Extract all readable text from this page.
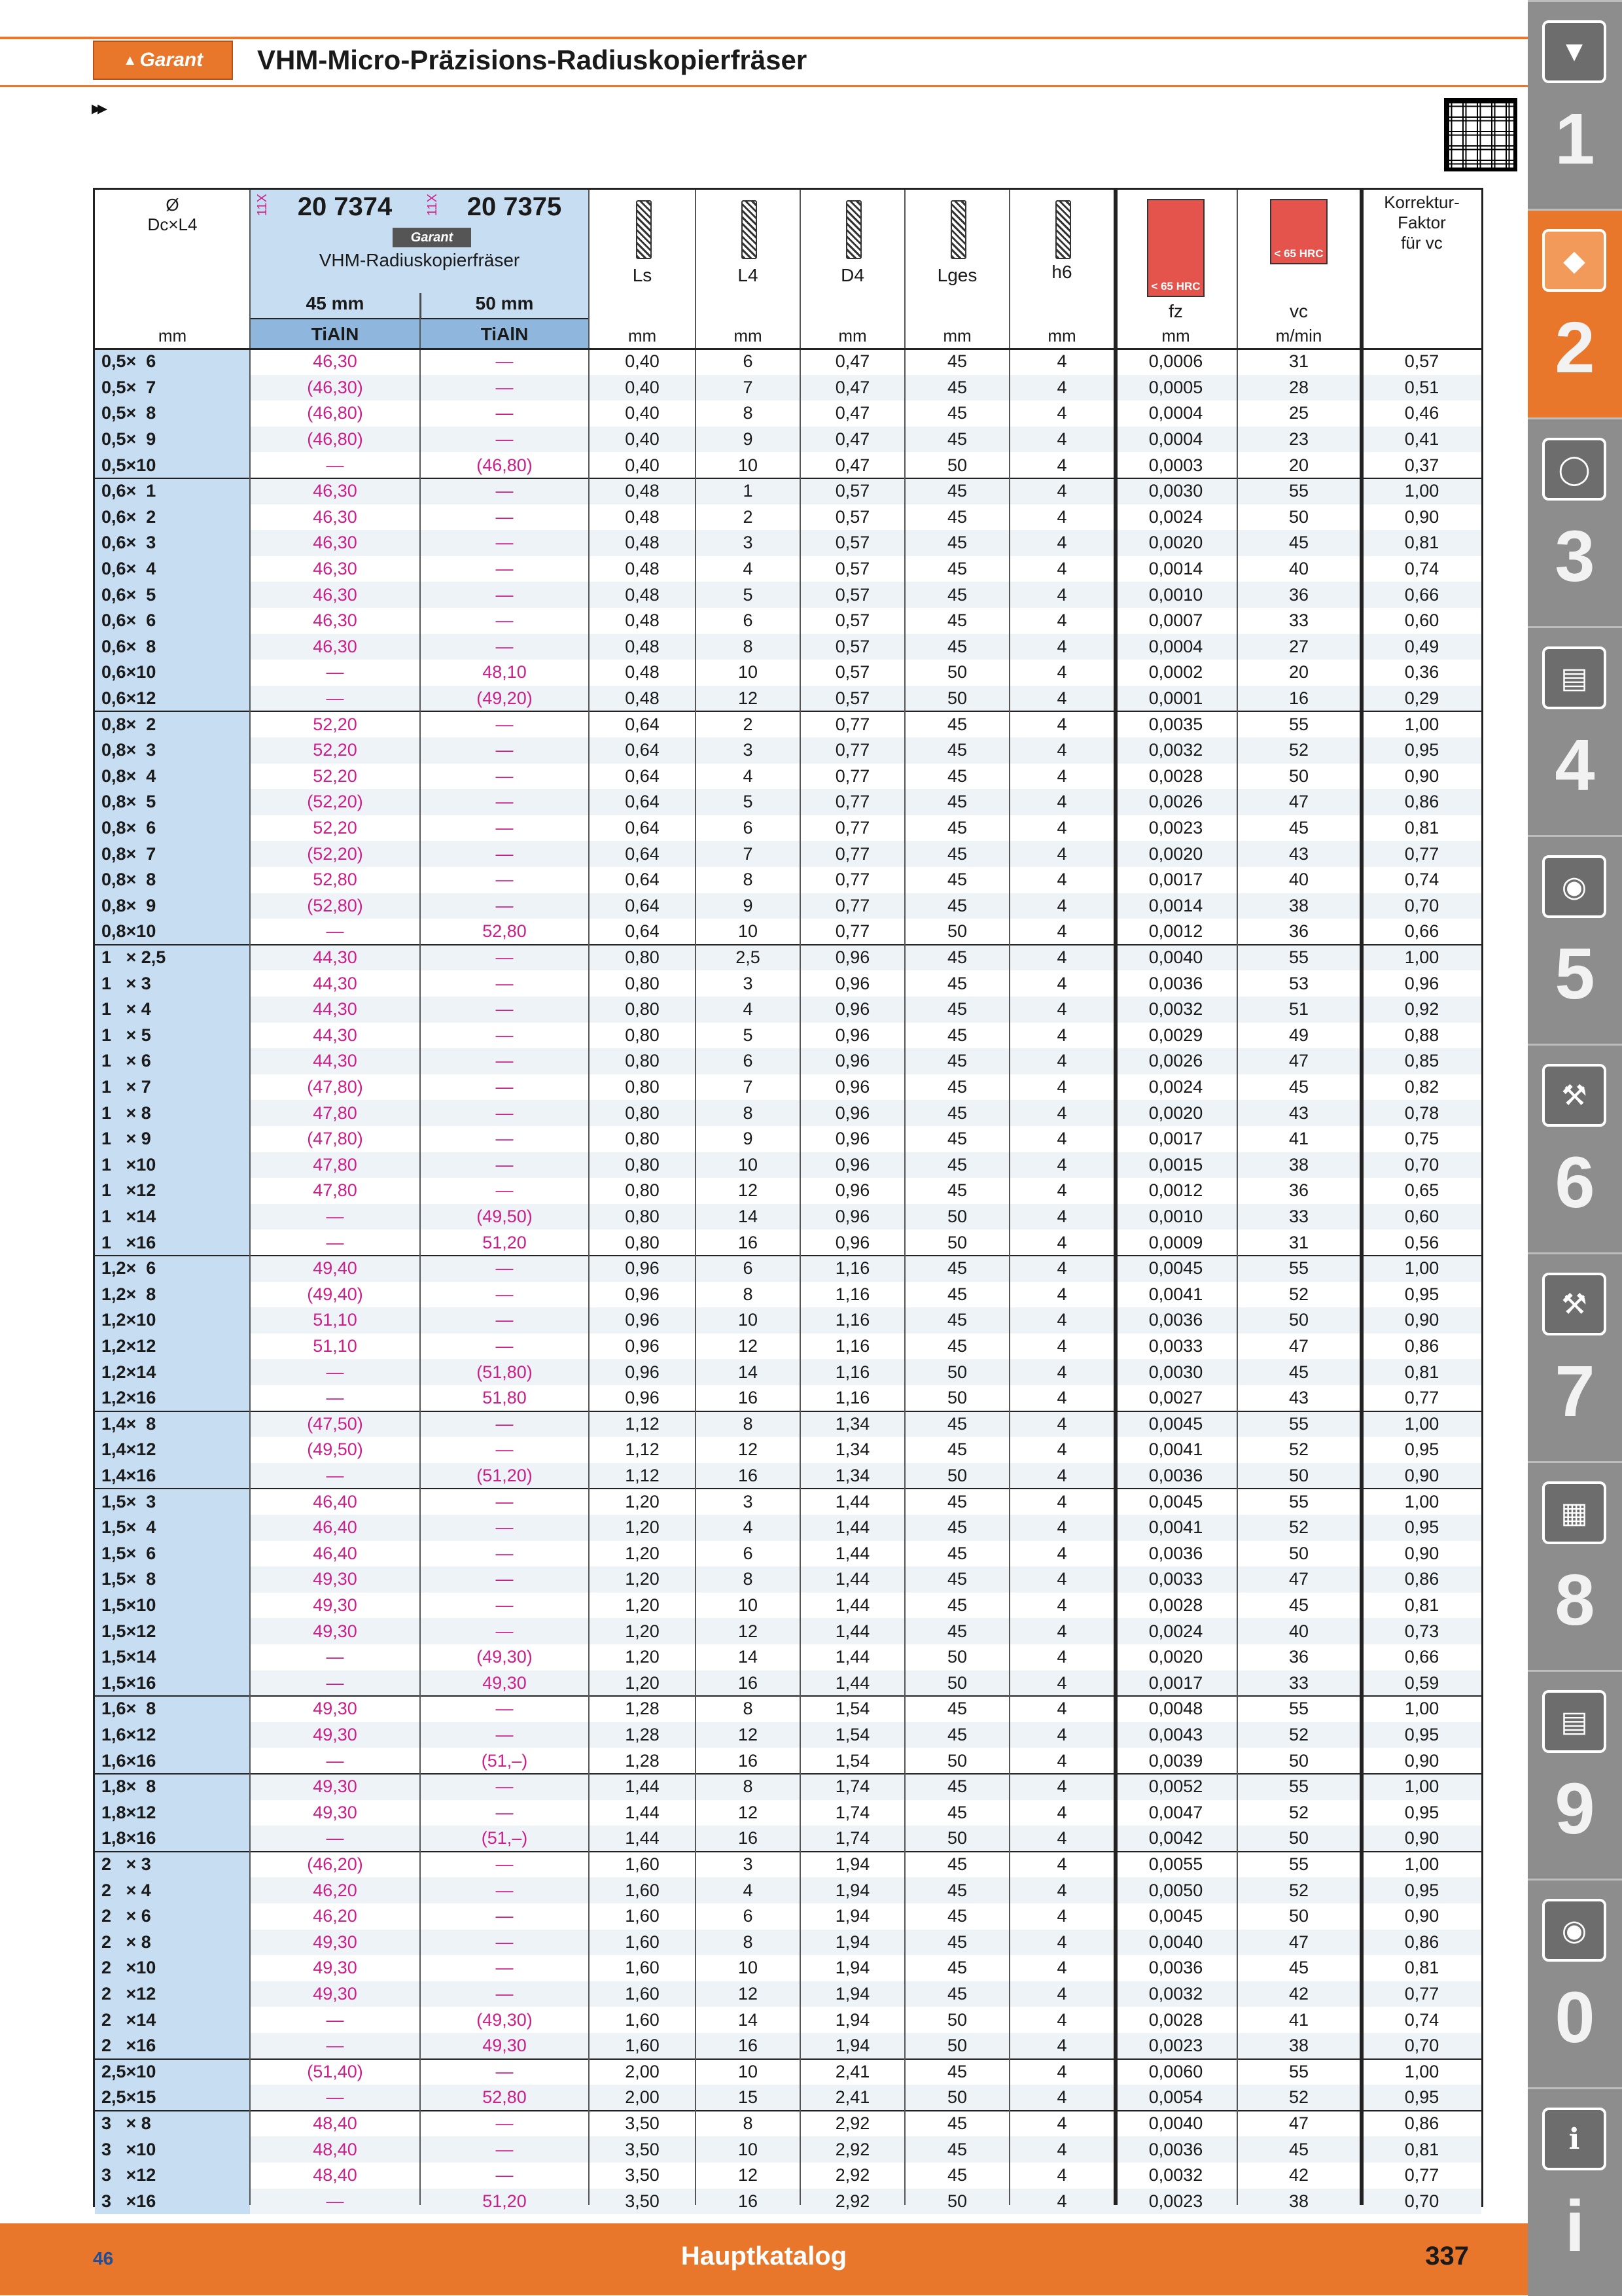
▲ Garant VHM-Micro-Präzisions-Radiuskopierfräser
▸▸
Ø
Dc×L4
mm
11X	20 7374	11X	20 7375
Garant
VHM-Radiuskopierfräser
45 mm	50 mm
TiAlN	TiAlN
Ls
mm
L4
mm
D4
mm
Lges
mm
h6
mm
< 65 HRC
fz
mm
< 65 HRC
vc
m/min
Korrektur-
Faktor
für vc
0,5×  6	46,30	—	0,40	6	0,47	45	4	0,0006	31	0,57
0,5×  7	(46,30)	—	0,40	7	0,47	45	4	0,0005	28	0,51
0,5×  8	(46,80)	—	0,40	8	0,47	45	4	0,0004	25	0,46
0,5×  9	(46,80)	—	0,40	9	0,47	45	4	0,0004	23	0,41
0,5×10	—	(46,80)	0,40	10	0,47	50	4	0,0003	20	0,37
0,6×  1	46,30	—	0,48	1	0,57	45	4	0,0030	55	1,00
0,6×  2	46,30	—	0,48	2	0,57	45	4	0,0024	50	0,90
0,6×  3	46,30	—	0,48	3	0,57	45	4	0,0020	45	0,81
0,6×  4	46,30	—	0,48	4	0,57	45	4	0,0014	40	0,74
0,6×  5	46,30	—	0,48	5	0,57	45	4	0,0010	36	0,66
0,6×  6	46,30	—	0,48	6	0,57	45	4	0,0007	33	0,60
0,6×  8	46,30	—	0,48	8	0,57	45	4	0,0004	27	0,49
0,6×10	—	48,10	0,48	10	0,57	50	4	0,0002	20	0,36
0,6×12	—	(49,20)	0,48	12	0,57	50	4	0,0001	16	0,29
0,8×  2	52,20	—	0,64	2	0,77	45	4	0,0035	55	1,00
0,8×  3	52,20	—	0,64	3	0,77	45	4	0,0032	52	0,95
0,8×  4	52,20	—	0,64	4	0,77	45	4	0,0028	50	0,90
0,8×  5	(52,20)	—	0,64	5	0,77	45	4	0,0026	47	0,86
0,8×  6	52,20	—	0,64	6	0,77	45	4	0,0023	45	0,81
0,8×  7	(52,20)	—	0,64	7	0,77	45	4	0,0020	43	0,77
0,8×  8	52,80	—	0,64	8	0,77	45	4	0,0017	40	0,74
0,8×  9	(52,80)	—	0,64	9	0,77	45	4	0,0014	38	0,70
0,8×10	—	52,80	0,64	10	0,77	50	4	0,0012	36	0,66
1   × 2,5	44,30	—	0,80	2,5	0,96	45	4	0,0040	55	1,00
1   × 3	44,30	—	0,80	3	0,96	45	4	0,0036	53	0,96
1   × 4	44,30	—	0,80	4	0,96	45	4	0,0032	51	0,92
1   × 5	44,30	—	0,80	5	0,96	45	4	0,0029	49	0,88
1   × 6	44,30	—	0,80	6	0,96	45	4	0,0026	47	0,85
1   × 7	(47,80)	—	0,80	7	0,96	45	4	0,0024	45	0,82
1   × 8	47,80	—	0,80	8	0,96	45	4	0,0020	43	0,78
1   × 9	(47,80)	—	0,80	9	0,96	45	4	0,0017	41	0,75
1   ×10	47,80	—	0,80	10	0,96	45	4	0,0015	38	0,70
1   ×12	47,80	—	0,80	12	0,96	45	4	0,0012	36	0,65
1   ×14	—	(49,50)	0,80	14	0,96	50	4	0,0010	33	0,60
1   ×16	—	51,20	0,80	16	0,96	50	4	0,0009	31	0,56
1,2×  6	49,40	—	0,96	6	1,16	45	4	0,0045	55	1,00
1,2×  8	(49,40)	—	0,96	8	1,16	45	4	0,0041	52	0,95
1,2×10	51,10	—	0,96	10	1,16	45	4	0,0036	50	0,90
1,2×12	51,10	—	0,96	12	1,16	45	4	0,0033	47	0,86
1,2×14	—	(51,80)	0,96	14	1,16	50	4	0,0030	45	0,81
1,2×16	—	51,80	0,96	16	1,16	50	4	0,0027	43	0,77
1,4×  8	(47,50)	—	1,12	8	1,34	45	4	0,0045	55	1,00
1,4×12	(49,50)	—	1,12	12	1,34	45	4	0,0041	52	0,95
1,4×16	—	(51,20)	1,12	16	1,34	50	4	0,0036	50	0,90
1,5×  3	46,40	—	1,20	3	1,44	45	4	0,0045	55	1,00
1,5×  4	46,40	—	1,20	4	1,44	45	4	0,0041	52	0,95
1,5×  6	46,40	—	1,20	6	1,44	45	4	0,0036	50	0,90
1,5×  8	49,30	—	1,20	8	1,44	45	4	0,0033	47	0,86
1,5×10	49,30	—	1,20	10	1,44	45	4	0,0028	45	0,81
1,5×12	49,30	—	1,20	12	1,44	45	4	0,0024	40	0,73
1,5×14	—	(49,30)	1,20	14	1,44	50	4	0,0020	36	0,66
1,5×16	—	49,30	1,20	16	1,44	50	4	0,0017	33	0,59
1,6×  8	49,30	—	1,28	8	1,54	45	4	0,0048	55	1,00
1,6×12	49,30	—	1,28	12	1,54	45	4	0,0043	52	0,95
1,6×16	—	(51,–)	1,28	16	1,54	50	4	0,0039	50	0,90
1,8×  8	49,30	—	1,44	8	1,74	45	4	0,0052	55	1,00
1,8×12	49,30	—	1,44	12	1,74	45	4	0,0047	52	0,95
1,8×16	—	(51,–)	1,44	16	1,74	50	4	0,0042	50	0,90
2   × 3	(46,20)	—	1,60	3	1,94	45	4	0,0055	55	1,00
2   × 4	46,20	—	1,60	4	1,94	45	4	0,0050	52	0,95
2   × 6	46,20	—	1,60	6	1,94	45	4	0,0045	50	0,90
2   × 8	49,30	—	1,60	8	1,94	45	4	0,0040	47	0,86
2   ×10	49,30	—	1,60	10	1,94	45	4	0,0036	45	0,81
2   ×12	49,30	—	1,60	12	1,94	45	4	0,0032	42	0,77
2   ×14	—	(49,30)	1,60	14	1,94	50	4	0,0028	41	0,74
2   ×16	—	49,30	1,60	16	1,94	50	4	0,0023	38	0,70
2,5×10	(51,40)	—	2,00	10	2,41	45	4	0,0060	55	1,00
2,5×15	—	52,80	2,00	15	2,41	50	4	0,0054	52	0,95
3   × 8	48,40	—	3,50	8	2,92	45	4	0,0040	47	0,86
3   ×10	48,40	—	3,50	10	2,92	45	4	0,0036	45	0,81
3   ×12	48,40	—	3,50	12	2,92	45	4	0,0032	42	0,77
3   ×16	—	51,20	3,50	16	2,92	50	4	0,0023	38	0,70
▼
1
◆
2
◯
3
▤
4
◉
5
⚒
6
⚒
7
▦
8
▤
9
◉
0
ℹ
i
46	Hauptkatalog	337
